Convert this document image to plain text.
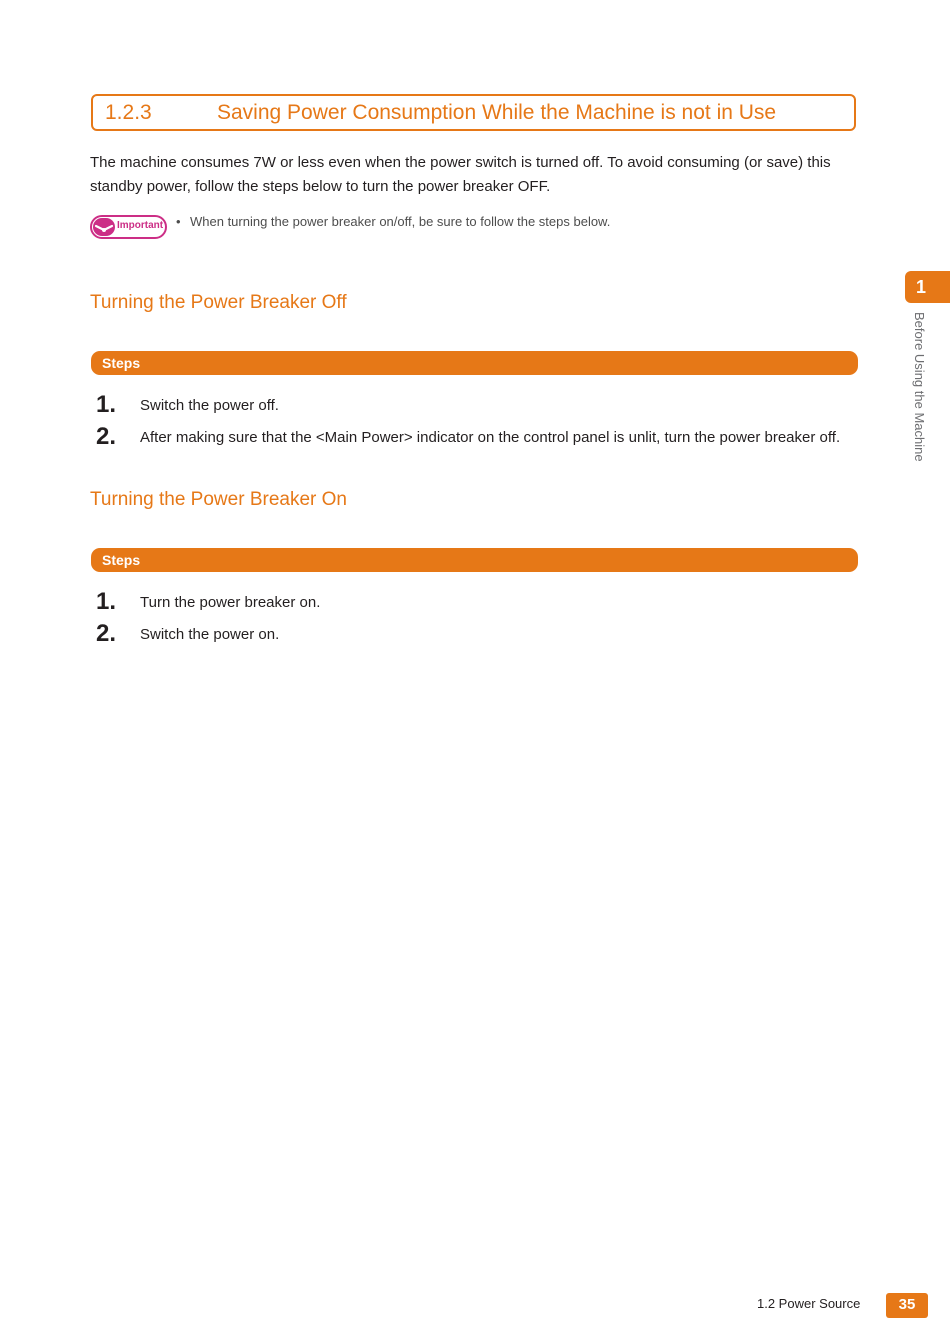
1.2.3	Saving Power Consumption While the Machine is not in Use
The machine consumes 7W or less even when the power switch is turned off. To avoid consuming (or save) this standby power, follow the steps below to turn the power breaker OFF.
Important • When turning the power breaker on/off, be sure to follow the steps below.
Turning the Power Breaker Off
Steps
1. Switch the power off.
2. After making sure that the <Main Power> indicator on the control panel is unlit, turn the power breaker off.
Turning the Power Breaker On
Steps
1. Turn the power breaker on.
2. Switch the power on.
1
Before Using the Machine
1.2 Power Source	35
